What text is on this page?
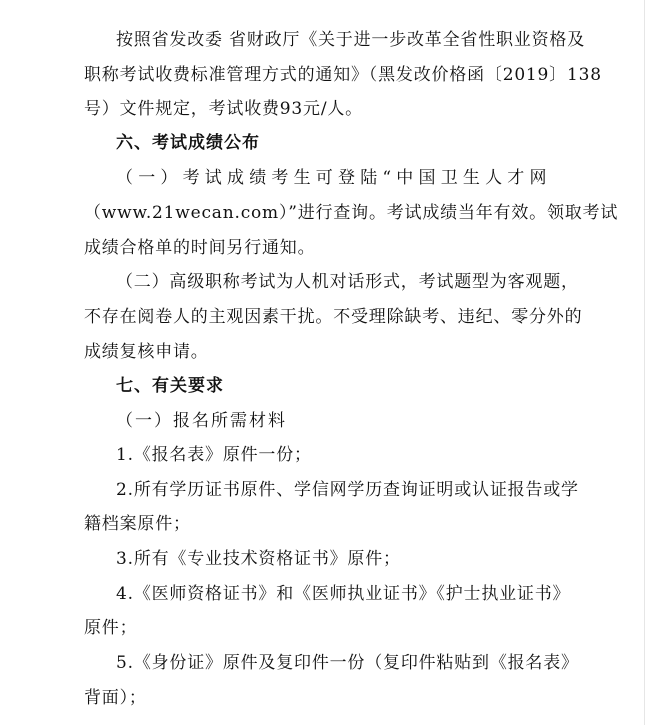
按照省发改委 省财政厅《关于进一步改革全省性职业资格及
职称考试收费标准管理方式的通知》（黑发改价格函〔2019〕138
号）文件规定，考试收费93元/人。
六、考试成绩公布
（一）考试成绩考生可登陆“中国卫生人才网
（www.21wecan.com）”进行查询。考试成绩当年有效。领取考试
成绩合格单的时间另行通知。
（二）高级职称考试为人机对话形式，考试题型为客观题，
不存在阅卷人的主观因素干扰。不受理除缺考、违纪、零分外的
成绩复核申请。
七、有关要求
（一）报名所需材料
1.《报名表》原件一份；
2.所有学历证书原件、学信网学历查询证明或认证报告或学
籍档案原件；
3.所有《专业技术资格证书》原件；
4.《医师资格证书》和《医师执业证书》《护士执业证书》
原件；
5.《身份证》原件及复印件一份（复印件粘贴到《报名表》
背面）；
